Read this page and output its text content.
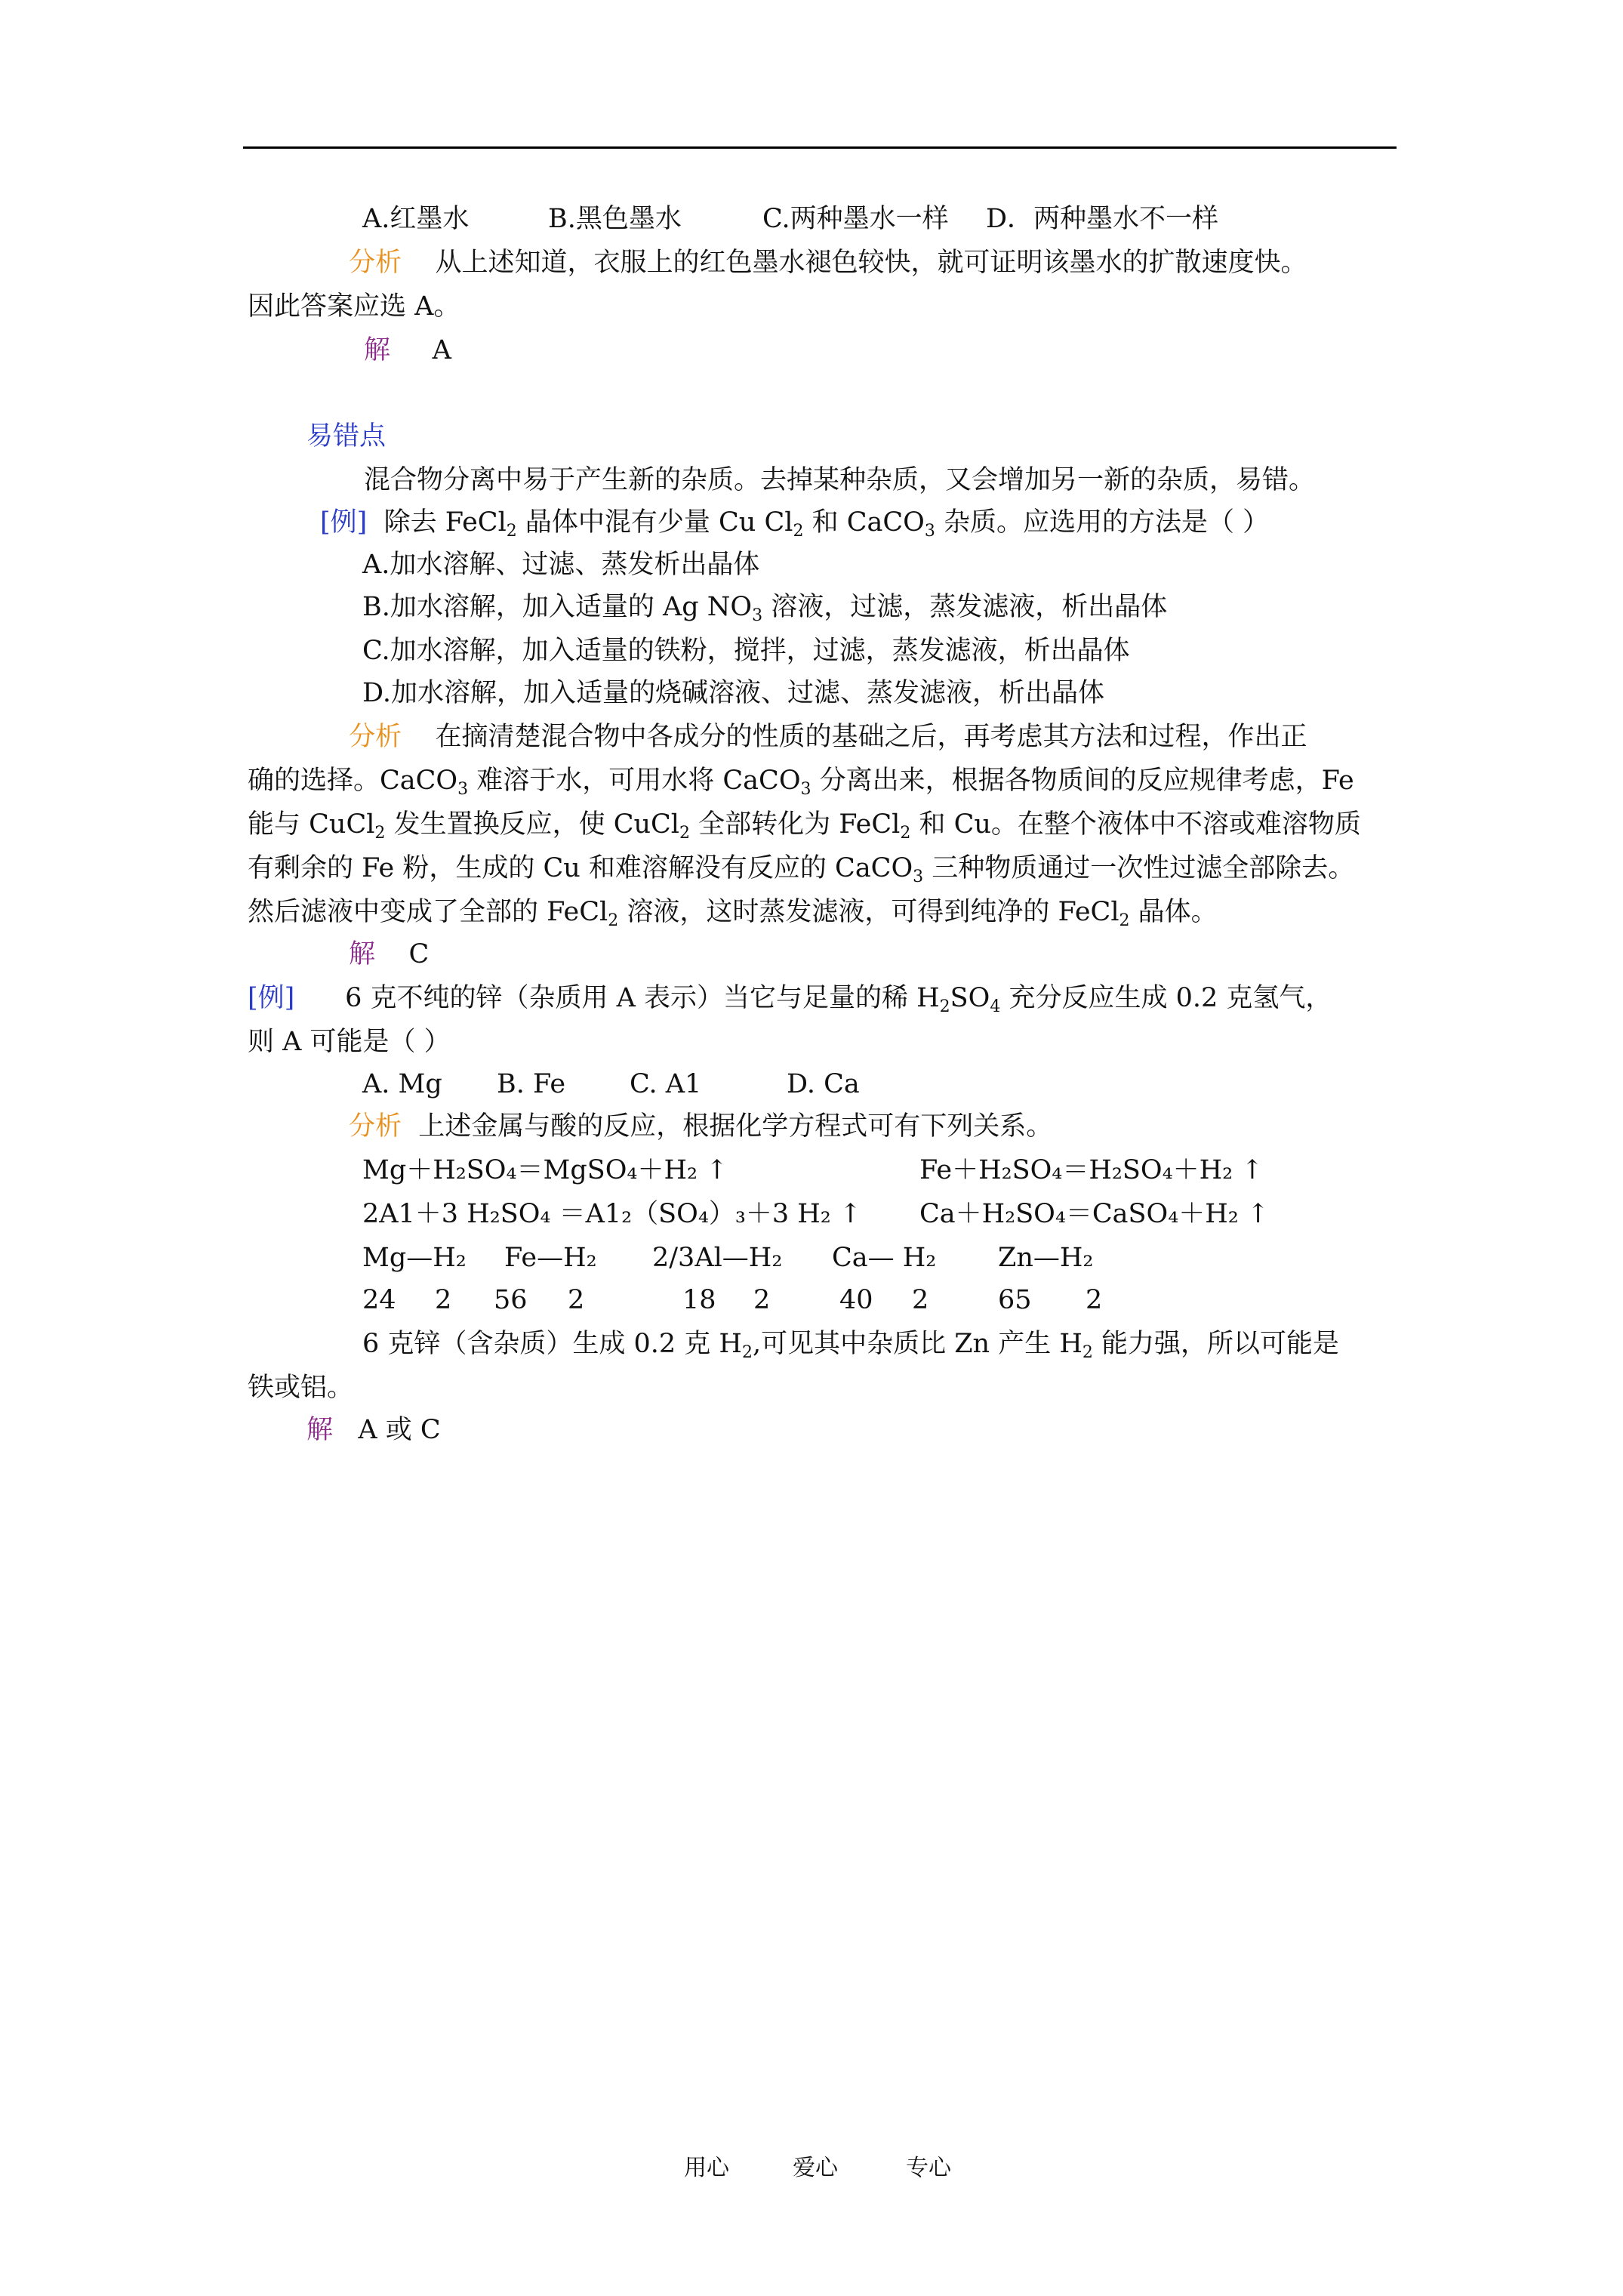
A.红墨水	B.黑色墨水	C.两种墨水一样 D．两种墨水不一样
分析 从上述知道，衣服上的红色墨水褪色较快，就可证明该墨水的扩散速度快。
因此答案应选 A。
解 A
易错点
混合物分离中易于产生新的杂质。去掉某种杂质，又会增加另一新的杂质，易错。
[例] 除去 FeCl$_2$ 晶体中混有少量 Cu $Cl_2$ 和 CaCO$_3$ 杂质。应选用的方法是（ ）
A.加水溶解、过滤、蒸发析出晶体
B.加水溶解，加入适量的 Ag $NO_3$ 溶液，过滤，蒸发滤液，析出晶体
C.加水溶解，加入适量的铁粉，搅拌，过滤，蒸发滤液，析出晶体
D.加水溶解，加入适量的烧碱溶液、过滤、蒸发滤液，析出晶体
分析 在摘清楚混合物中各成分的性质的基础之后，再考虑其方法和过程，作出正
确的选择。CaCO$_3$ 难溶于水，可用水将 CaCO$_3$ 分离出来，根据各物质间的反应规律考虑，Fe
能与 CuCl$_2$ 发生置换反应，使 CuCl$_2$ 全部转化为 FeCl$_2$ 和 Cu。在整个液体中不溶或难溶物质
有剩余的 Fe 粉，生成的 Cu 和难溶解没有反应的 CaCO$_3$ 三种物质通过一次性过滤全部除去。
然后滤液中变成了全部的 FeCl$_2$ 溶液，这时蒸发滤液，可得到纯净的 FeCl$_2$ 晶体。
解 C
[例] 6 克不纯的锌（杂质用 A 表示）当它与足量的稀 $H_2SO_4$ 充分反应生成 0.2 克氢气，
则 A 可能是（ ）
A. Mg B. Fe C. A1	D. Ca
分析 上述金属与酸的反应，根据化学方程式可有下列关系。
Mg＋H₂SO₄＝MgSO₄＋H₂ ↑	Fe＋H₂SO₄＝H₂SO₄＋H₂ ↑
2A1＋3 H₂SO₄ ＝A1₂（SO₄）₃＋3 H₂ ↑ Ca＋H₂SO₄＝CaSO₄＋H₂ ↑
Mg—H₂ Fe—H₂ 2/3Al—H₂ Ca— H₂ Zn—H₂
24 2 56 2	18 2	40 2	65 2
6 克锌（含杂质）生成 0.2 克 $H_2$,可见其中杂质比 Zn 产生 $H_2$ 能力强，所以可能是
铁或铝。
解 A 或 C
用心	爱心	专心
